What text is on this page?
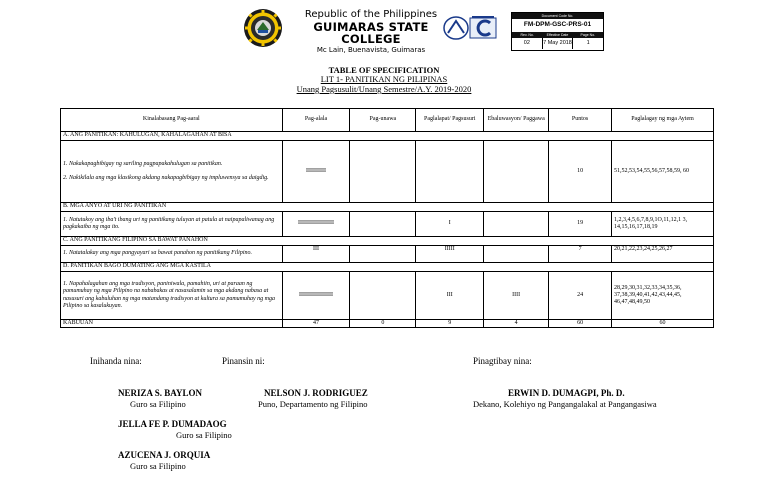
Republic of the Philippines
GUIMARAS STATE COLLEGE
Mc Lain, Buenavista, Guimaras
Document Code No.
FM-DPM-GSC-PRS-01
Rev. No.	Effective Date	Page No.
02	7 May 2018	1
TABLE OF SPECIFICATION
LIT 1- PANITIKAN NG PILIPINAS
Unang Pagsusulit/Unang Semestre/A.Y. 2019-2020
Kinalabasang Pag-aaral	Pag-alala	Pag-unawa	Paglalapat/ Pagsusuri	Ebaluwasyon/ Paggawa	Puntos	Paglalagay ng mga Aytem
A. ANG PANITIKAN: KAHULUGAN, KAHALAGAHAN AT BISA						

1. Nakakapagbibigay ng sariling pagpapakahulugan sa panitikan.
2. Nakikilala ang mga klasikong akdang nakapagbibigay ng impluwensya sa daigdig.	IIIIIIIIII				10	51,52,53,54,55,56,57,58,59, 60
B. MGA ANYO AT URI NG PANITIKAN						
1. Natutukoy ang iba't ibang uri ng panitikang tuluyan at patula at naipapaliwanag ang pagkakaiba ng mga ito.	IIIIIIIIIIIIIIIIII		I		19	1,2,3,4,5,6,7,8,9,1O,11,12,1 3, 14,15,16,17,18,19
C. ANG PANITIKANG FILIPINO SA BAWAT PANAHON						
1. Natatalakay ang mga pangyayari sa bawat panahon ng panitikang Filipino.	III		IIIII		7	20,21,22,23,24,25,26,27
D. PANITIKAN BAGO DUMATING ANG MGA KASTILA						
1. Napahalagahan ang mga tradisyon, paniniwala, pamahiin, uri at paraan ng pamumuhay ng mga Pilipino na nababakas at nasasalamin sa mga akdang nabasa at nasusuri ang kabuluhan ng mga matandang tradisyon at kultura sa pamumuhay ng mga Pilipino sa kasalukuyan.	IIIIIIIIIIIIIIIII		III	IIII	24	28,29,30,31,32,33,34,35,36, 37,38,39,40,41,42,43,44,45, 46,47,48,49,50
KABUUAN	47	0	9	4	60	60
Inihanda nina:	Pinansin ni:	Pinagtibay nina:
NERIZA S. BAYLON
Guro sa Filipino
NELSON J. RODRIGUEZ
Puno, Departamento ng Filipino
ERWIN D. DUMAGPI, Ph. D.
Dekano, Kolehiyo ng Pangangalakal at Pangangasiwa
JELLA FE P. DUMADAOG
Guro sa Filipino
AZUCENA J. ORQUIA
Guro sa Filipino
